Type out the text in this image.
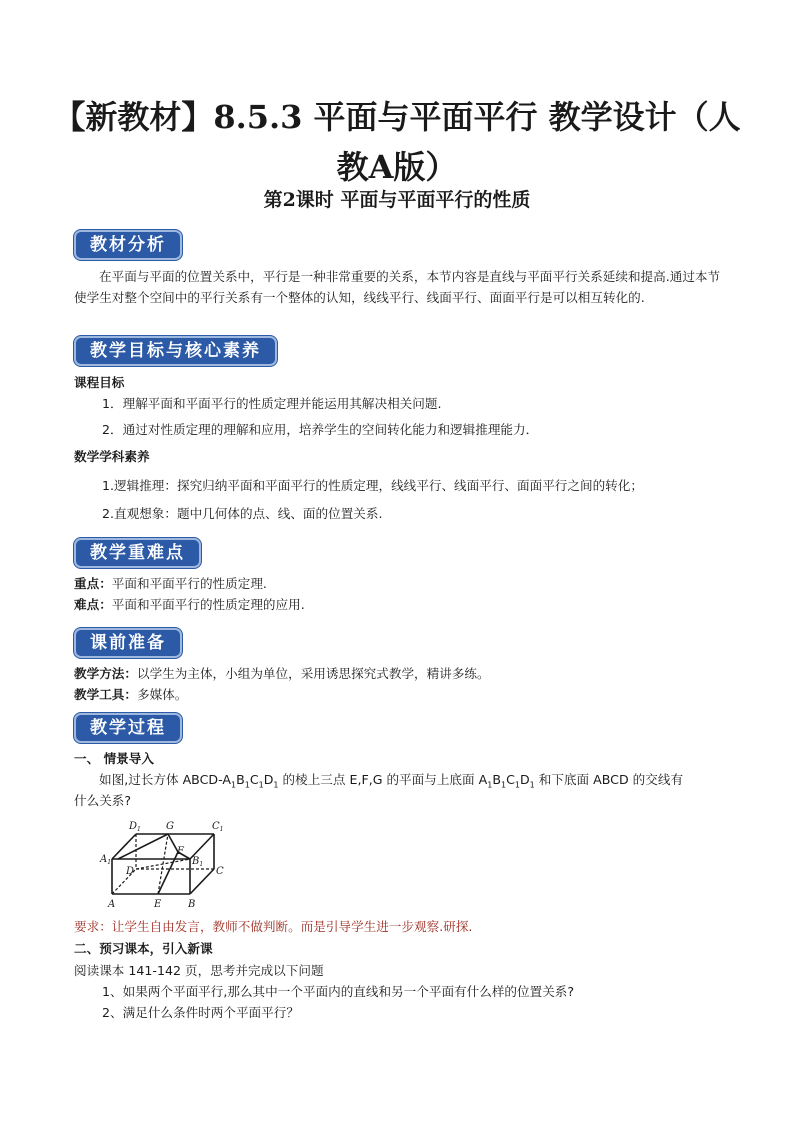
【新教材】8.5.3 平面与平面平行 教学设计（人教A版）
第2课时 平面与平面平行的性质
教材分析
在平面与平面的位置关系中，平行是一种非常重要的关系，本节内容是直线与平面平行关系延续和提高.通过本节使学生对整个空间中的平行关系有一个整体的认知，线线平行、线面平行、面面平行是可以相互转化的.
教学目标与核心素养
课程目标
1．理解平面和平面平行的性质定理并能运用其解决相关问题.
2．通过对性质定理的理解和应用，培养学生的空间转化能力和逻辑推理能力．
数学学科素养
1.逻辑推理：探究归纳平面和平面平行的性质定理，线线平行、线面平行、面面平行之间的转化；
2.直观想象：题中几何体的点、线、面的位置关系.
教学重难点
重点：平面和平面平行的性质定理.
难点：平面和平面平行的性质定理的应用.
课前准备
教学方法：以学生为主体，小组为单位，采用诱思探究式教学，精讲多练。
教学工具：多媒体。
教学过程
一、 情景导入
如图,过长方体 ABCD-$A_1B_1C_1D_1$ 的棱上三点 E,F,G 的平面与上底面 $A_1B_1C_1D_1$ 和下底面 ABCD 的交线有
什么关系?
$D_1$	G	$C_1$
$A_1$
F
$B_1$
D	C
A	E	B
要求：让学生自由发言，教师不做判断。而是引导学生进一步观察.研探.
二、预习课本，引入新课
阅读课本 141-142 页，思考并完成以下问题
1、如果两个平面平行,那么其中一个平面内的直线和另一个平面有什么样的位置关系?
2、满足什么条件时两个平面平行？
